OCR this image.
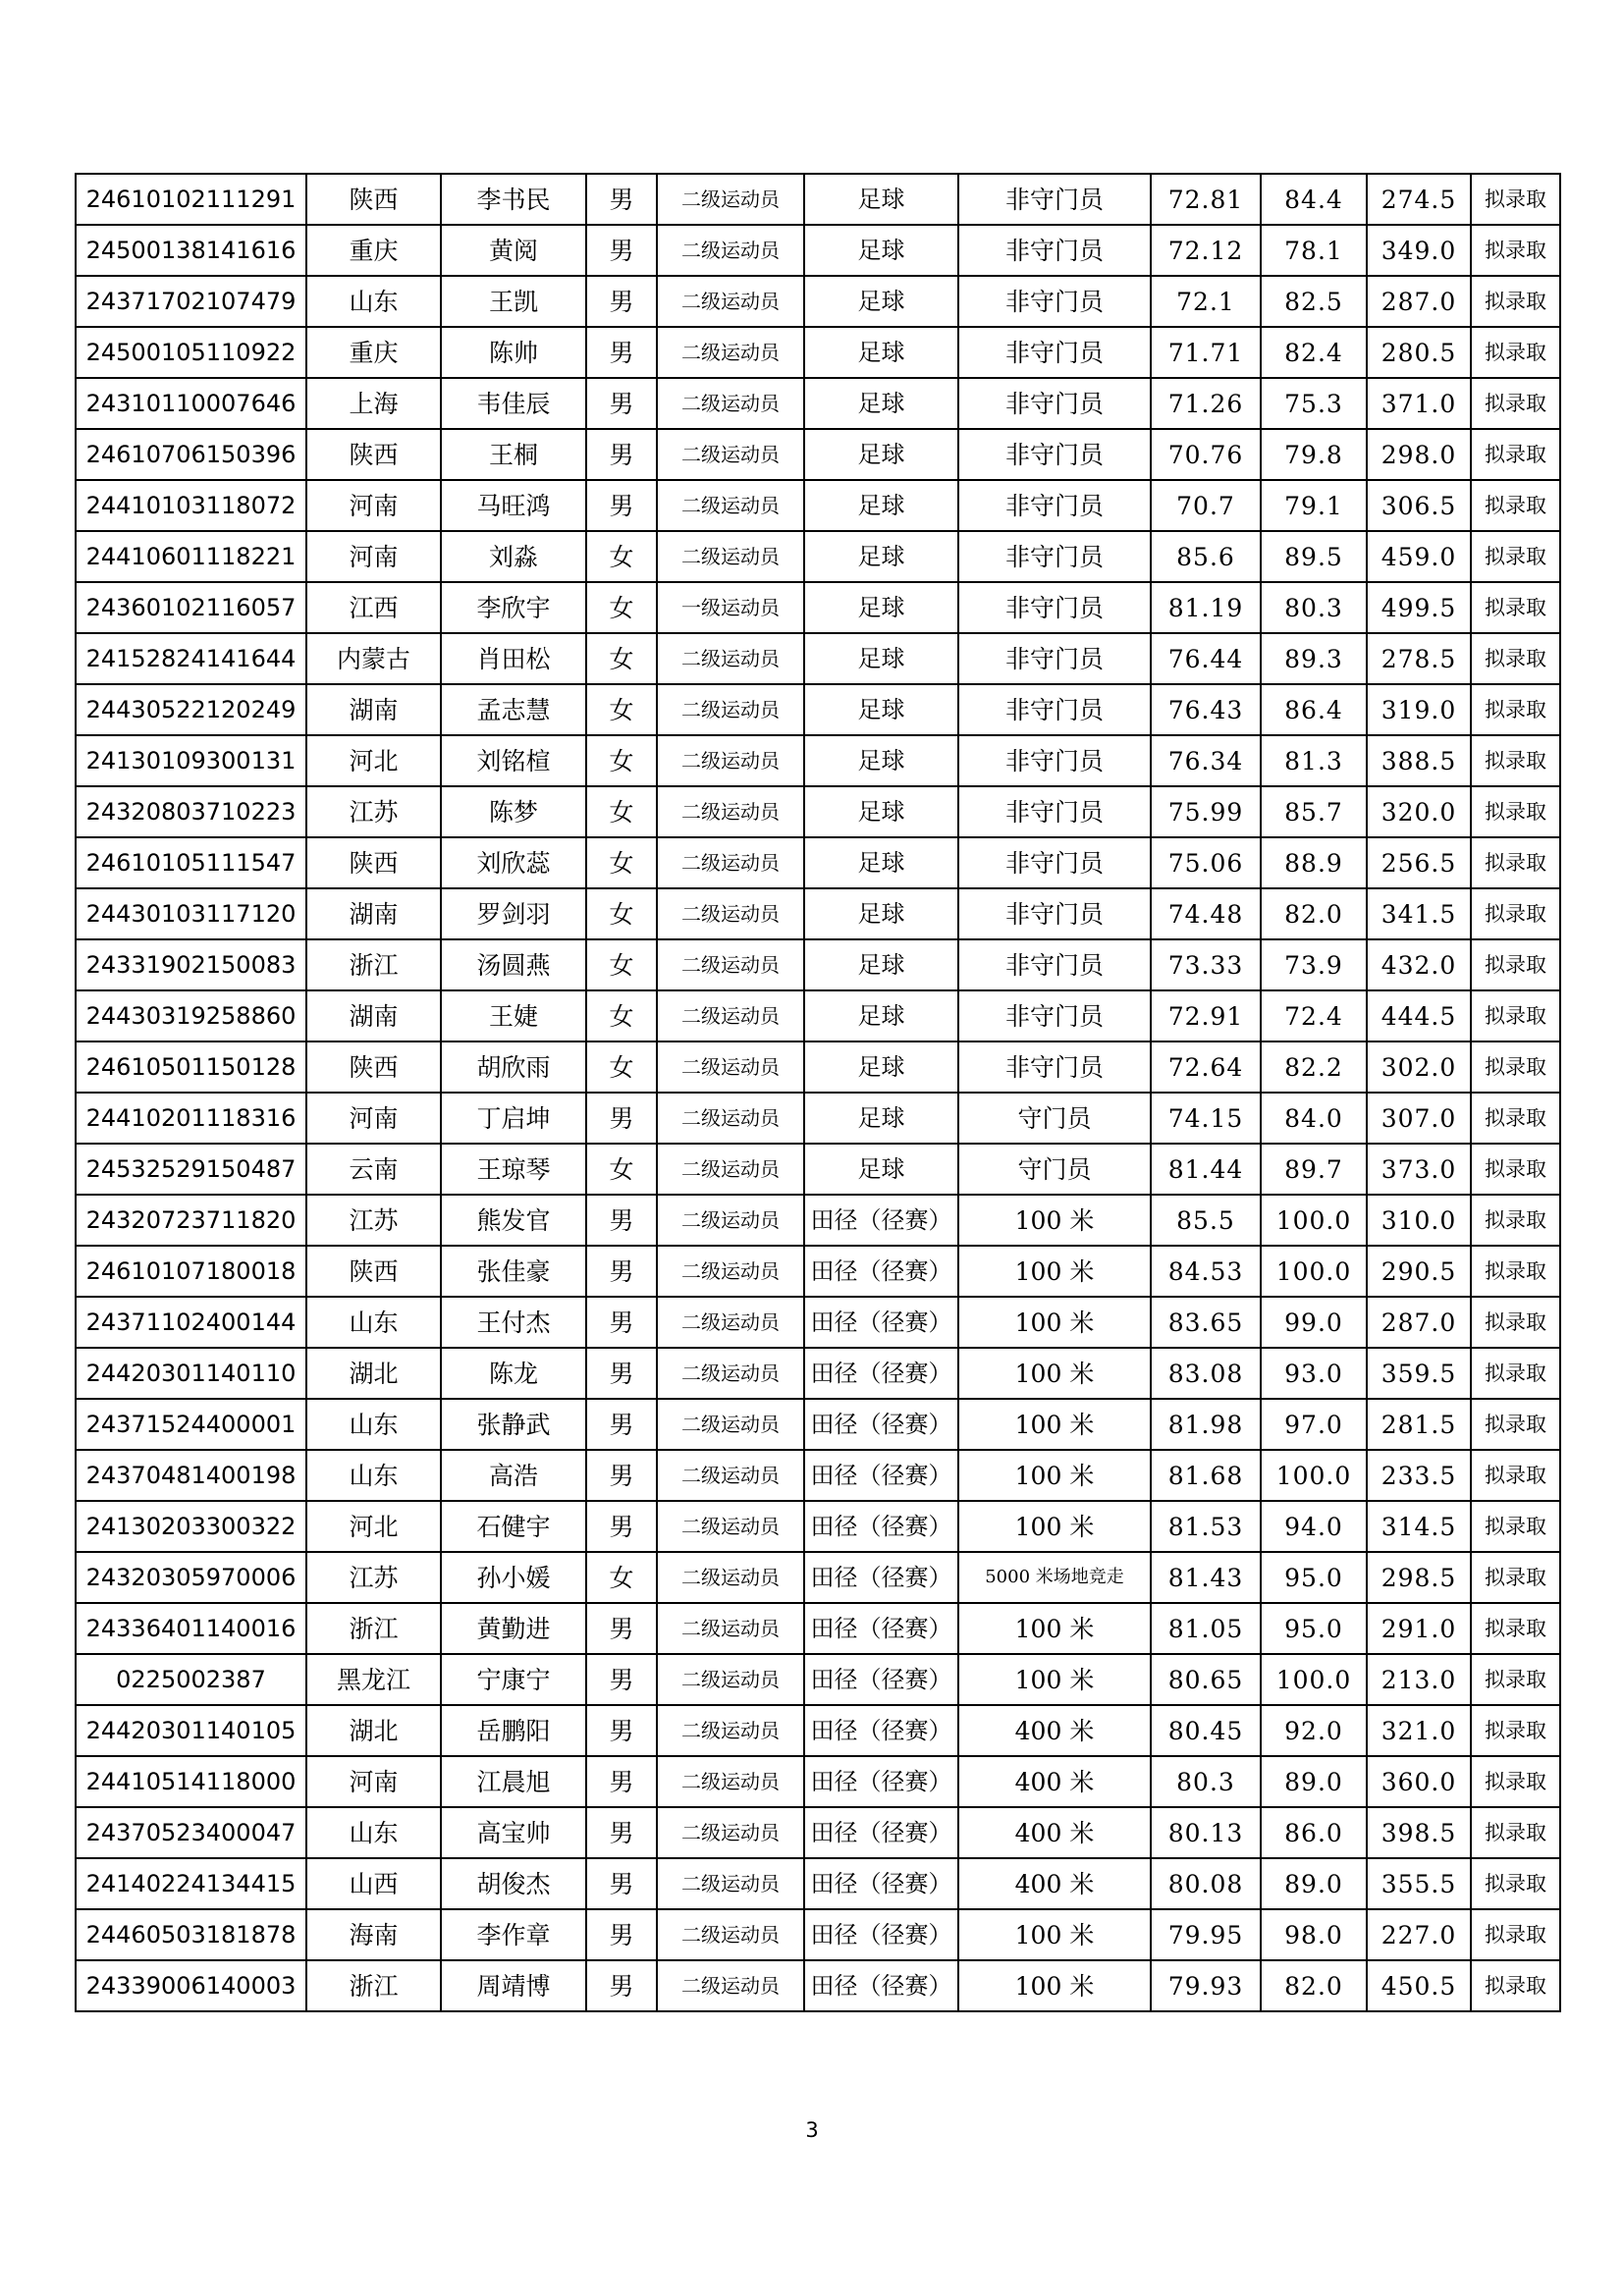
24610102111291	陕西	李书民	男	二级运动员	足球	非守门员	72.81	84.4	274.5	拟录取
24500138141616	重庆	黄阅	男	二级运动员	足球	非守门员	72.12	78.1	349.0	拟录取
24371702107479	山东	王凯	男	二级运动员	足球	非守门员	72.1	82.5	287.0	拟录取
24500105110922	重庆	陈帅	男	二级运动员	足球	非守门员	71.71	82.4	280.5	拟录取
24310110007646	上海	韦佳辰	男	二级运动员	足球	非守门员	71.26	75.3	371.0	拟录取
24610706150396	陕西	王桐	男	二级运动员	足球	非守门员	70.76	79.8	298.0	拟录取
24410103118072	河南	马旺鸿	男	二级运动员	足球	非守门员	70.7	79.1	306.5	拟录取
24410601118221	河南	刘淼	女	二级运动员	足球	非守门员	85.6	89.5	459.0	拟录取
24360102116057	江西	李欣宇	女	一级运动员	足球	非守门员	81.19	80.3	499.5	拟录取
24152824141644	内蒙古	肖田松	女	二级运动员	足球	非守门员	76.44	89.3	278.5	拟录取
24430522120249	湖南	孟志慧	女	二级运动员	足球	非守门员	76.43	86.4	319.0	拟录取
24130109300131	河北	刘铭楦	女	二级运动员	足球	非守门员	76.34	81.3	388.5	拟录取
24320803710223	江苏	陈梦	女	二级运动员	足球	非守门员	75.99	85.7	320.0	拟录取
24610105111547	陕西	刘欣蕊	女	二级运动员	足球	非守门员	75.06	88.9	256.5	拟录取
24430103117120	湖南	罗剑羽	女	二级运动员	足球	非守门员	74.48	82.0	341.5	拟录取
24331902150083	浙江	汤圆燕	女	二级运动员	足球	非守门员	73.33	73.9	432.0	拟录取
24430319258860	湖南	王婕	女	二级运动员	足球	非守门员	72.91	72.4	444.5	拟录取
24610501150128	陕西	胡欣雨	女	二级运动员	足球	非守门员	72.64	82.2	302.0	拟录取
24410201118316	河南	丁启坤	男	二级运动员	足球	守门员	74.15	84.0	307.0	拟录取
24532529150487	云南	王琼琴	女	二级运动员	足球	守门员	81.44	89.7	373.0	拟录取
24320723711820	江苏	熊发官	男	二级运动员	田径（径赛）	100 米	85.5	100.0	310.0	拟录取
24610107180018	陕西	张佳豪	男	二级运动员	田径（径赛）	100 米	84.53	100.0	290.5	拟录取
24371102400144	山东	王付杰	男	二级运动员	田径（径赛）	100 米	83.65	99.0	287.0	拟录取
24420301140110	湖北	陈龙	男	二级运动员	田径（径赛）	100 米	83.08	93.0	359.5	拟录取
24371524400001	山东	张静武	男	二级运动员	田径（径赛）	100 米	81.98	97.0	281.5	拟录取
24370481400198	山东	高浩	男	二级运动员	田径（径赛）	100 米	81.68	100.0	233.5	拟录取
24130203300322	河北	石健宇	男	二级运动员	田径（径赛）	100 米	81.53	94.0	314.5	拟录取
24320305970006	江苏	孙小媛	女	二级运动员	田径（径赛）	5000 米场地竞走	81.43	95.0	298.5	拟录取
24336401140016	浙江	黄勤进	男	二级运动员	田径（径赛）	100 米	81.05	95.0	291.0	拟录取
0225002387	黑龙江	宁康宁	男	二级运动员	田径（径赛）	100 米	80.65	100.0	213.0	拟录取
24420301140105	湖北	岳鹏阳	男	二级运动员	田径（径赛）	400 米	80.45	92.0	321.0	拟录取
24410514118000	河南	江晨旭	男	二级运动员	田径（径赛）	400 米	80.3	89.0	360.0	拟录取
24370523400047	山东	高宝帅	男	二级运动员	田径（径赛）	400 米	80.13	86.0	398.5	拟录取
24140224134415	山西	胡俊杰	男	二级运动员	田径（径赛）	400 米	80.08	89.0	355.5	拟录取
24460503181878	海南	李作章	男	二级运动员	田径（径赛）	100 米	79.95	98.0	227.0	拟录取
24339006140003	浙江	周靖博	男	二级运动员	田径（径赛）	100 米	79.93	82.0	450.5	拟录取
3
